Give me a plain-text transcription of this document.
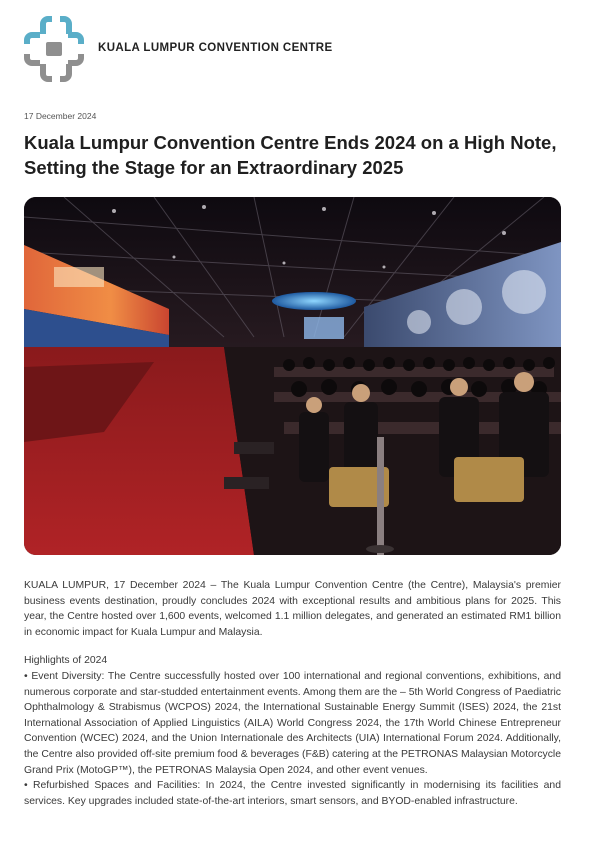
KUALA LUMPUR CONVENTION CENTRE
17 December 2024
Kuala Lumpur Convention Centre Ends 2024 on a High Note, Setting the Stage for an Extraordinary 2025

KUALA LUMPUR, 17 December 2024 – The Kuala Lumpur Convention Centre (the Centre), Malaysia's premier business events destination, proudly concludes 2024 with exceptional results and ambitious plans for 2025. This year, the Centre hosted over 1,600 events, welcomed 1.1 million delegates, and generated an estimated RM1 billion in economic impact for Kuala Lumpur and Malaysia.

Highlights of 2024

• Event Diversity: The Centre successfully hosted over 100 international and regional conventions, exhibitions, and numerous corporate and star-studded entertainment events. Among them are the – 5th World Congress of Paediatric Ophthalmology & Strabismus (WCPOS) 2024, the International Sustainable Energy Summit (ISES) 2024, the 21st International Association of Applied Linguistics (AILA) World Congress 2024, the 17th World Chinese Entrepreneur Convention (WCEC) 2024, and the Union Internationale des Architects (UIA) International Forum 2024. Additionally, the Centre also provided off-site premium food & beverages (F&B) catering at the PETRONAS Malaysian Motorcycle Grand Prix (MotoGP™), the PETRONAS Malaysia Open 2024, and other event venues.

• Refurbished Spaces and Facilities: In 2024, the Centre invested significantly in modernising its facilities and services. Key upgrades included state-of-the-art interiors, smart sensors, and BYOD-enabled infrastructure.
